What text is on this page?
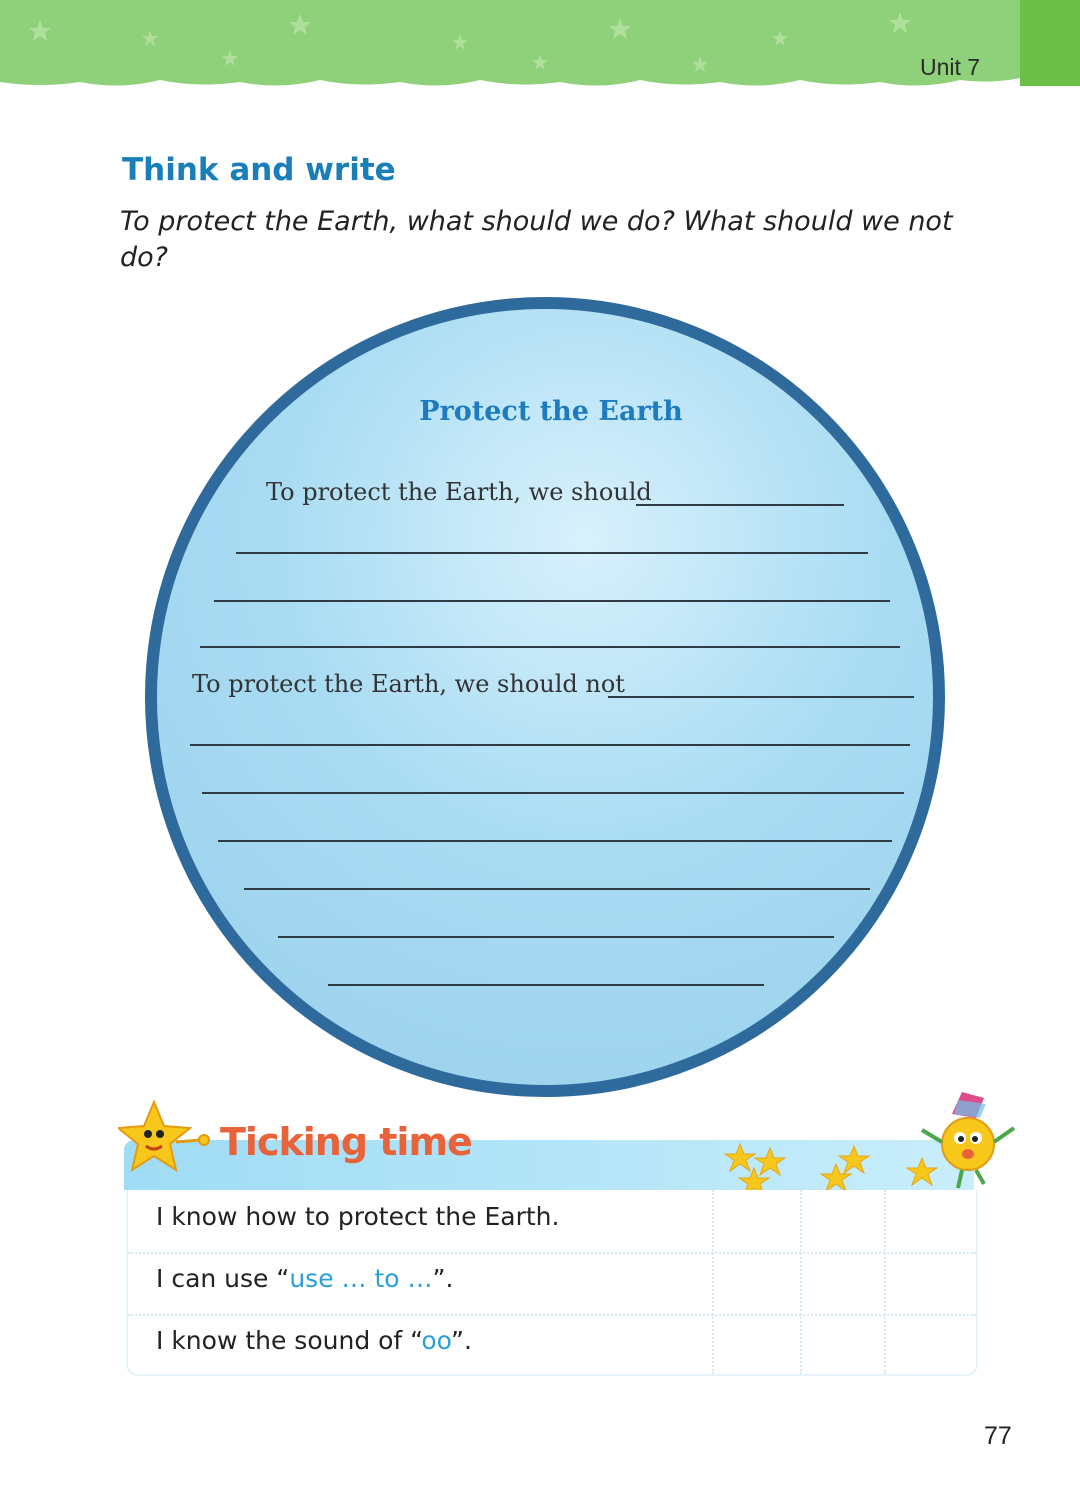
Unit 7
Think and write
To protect the Earth, what should we do? What should we not do?
Protect the Earth
To protect the Earth, we should
To protect the Earth, we should not
Ticking time
I know how to protect the Earth.
I can use “use … to …”.
I know the sound of “oo”.
77
